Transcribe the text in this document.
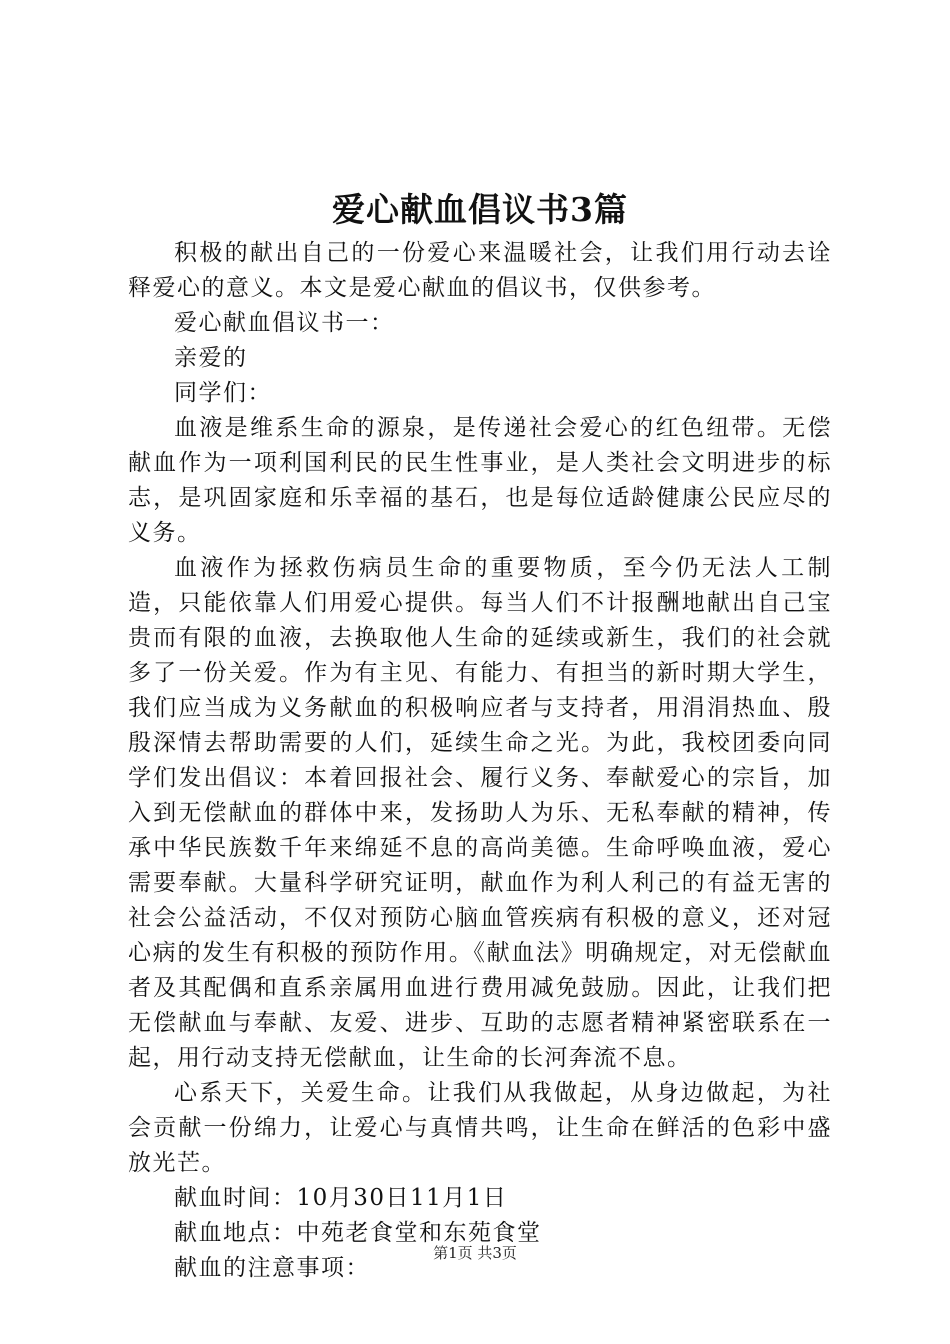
爱心献血倡议书3篇

积极的献出自己的一份爱心来温暖社会，让我们用行动去诠释爱心的意义。本文是爱心献血的倡议书，仅供参考。

爱心献血倡议书一：

亲爱的

同学们：

血液是维系生命的源泉，是传递社会爱心的红色纽带。无偿献血作为一项利国利民的民生性事业，是人类社会文明进步的标志，是巩固家庭和乐幸福的基石，也是每位适龄健康公民应尽的义务。

血液作为拯救伤病员生命的重要物质，至今仍无法人工制造，只能依靠人们用爱心提供。每当人们不计报酬地献出自己宝贵而有限的血液，去换取他人生命的延续或新生，我们的社会就多了一份关爱。作为有主见、有能力、有担当的新时期大学生，我们应当成为义务献血的积极响应者与支持者，用涓涓热血、殷殷深情去帮助需要的人们，延续生命之光。为此，我校团委向同学们发出倡议：本着回报社会、履行义务、奉献爱心的宗旨，加入到无偿献血的群体中来，发扬助人为乐、无私奉献的精神，传承中华民族数千年来绵延不息的高尚美德。生命呼唤血液，爱心需要奉献。大量科学研究证明，献血作为利人利己的有益无害的社会公益活动，不仅对预防心脑血管疾病有积极的意义，还对冠心病的发生有积极的预防作用。《献血法》明确规定，对无偿献血者及其配偶和直系亲属用血进行费用减免鼓励。因此，让我们把无偿献血与奉献、友爱、进步、互助的志愿者精神紧密联系在一起，用行动支持无偿献血，让生命的长河奔流不息。

心系天下，关爱生命。让我们从我做起，从身边做起，为社会贡献一份绵力，让爱心与真情共鸣，让生命在鲜活的色彩中盛放光芒。

献血时间：10月30日11月1日

献血地点：中苑老食堂和东苑食堂

献血的注意事项：

第1页 共3页
